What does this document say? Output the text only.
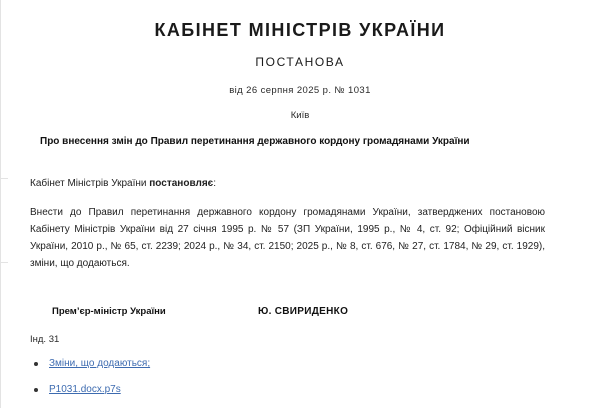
КАБІНЕТ МІНІСТРІВ УКРАЇНИ
ПОСТАНОВА
від 26 серпня 2025 р. № 1031
Київ
Про внесення змін до Правил перетинання державного кордону громадянами України
Кабінет Міністрів України постановляє:
Внести до Правил перетинання державного кордону громадянами України, затверджених постановою Кабінету Міністрів України від 27 січня 1995 р. № 57 (ЗП України, 1995 р., № 4, ст. 92; Офіційний вісник України, 2010 р., № 65, ст. 2239; 2024 р., № 34, ст. 2150; 2025 р., № 8, ст. 676, № 27, ст. 1784, № 29, ст. 1929), зміни, що додаються.
Прем’єр-міністр України	Ю. СВИРИДЕНКО
Інд. 31
Зміни, що додаються;
P1031.docx.p7s
